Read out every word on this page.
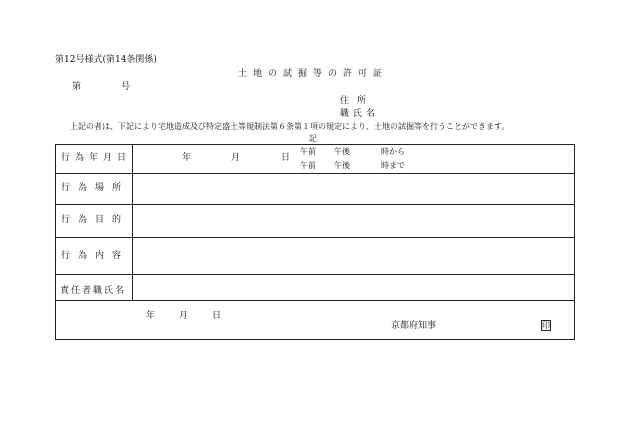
第12号様式(第14条関係)
土地の試掘等の許可証
第	号
住所
職氏名
上記の者は、下記により宅地造成及び特定盛土等規制法第６条第１項の規定により、土地の試掘等を行うことができます。
記
行為年月日	年	月	日
午前 午後	時から
午前 午後	時まで
行為場所
行為目的
行為内容
責任者職氏名
年	月	日
京都府知事	印
